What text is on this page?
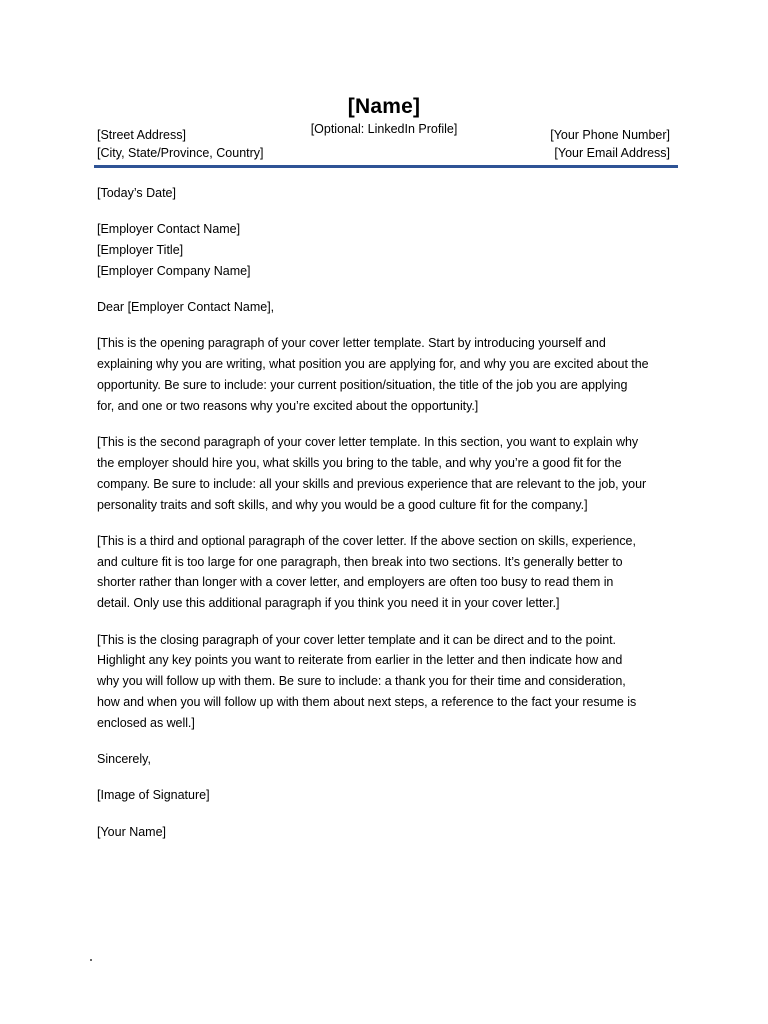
[Name]
[Optional: LinkedIn Profile]
[Street Address]
[City, State/Province, Country]
[Your Phone Number]
[Your Email Address]

[Today’s Date]

[Employer Contact Name]

[Employer Title]

[Employer Company Name]

Dear [Employer Contact Name],

[This is the opening paragraph of your cover letter template. Start by introducing yourself and
explaining why you are writing, what position you are applying for, and why you are excited about the
opportunity. Be sure to include: your current position/situation, the title of the job you are applying
for, and one or two reasons why you’re excited about the opportunity.]

[This is the second paragraph of your cover letter template. In this section, you want to explain why
the employer should hire you, what skills you bring to the table, and why you’re a good fit for the
company. Be sure to include: all your skills and previous experience that are relevant to the job, your
personality traits and soft skills, and why you would be a good culture fit for the company.]

[This is a third and optional paragraph of the cover letter. If the above section on skills, experience,
and culture fit is too large for one paragraph, then break into two sections. It’s generally better to
shorter rather than longer with a cover letter, and employers are often too busy to read them in
detail. Only use this additional paragraph if you think you need it in your cover letter.]

[This is the closing paragraph of your cover letter template and it can be direct and to the point.
Highlight any key points you want to reiterate from earlier in the letter and then indicate how and
why you will follow up with them. Be sure to include: a thank you for their time and consideration,
how and when you will follow up with them about next steps, a reference to the fact your resume is
enclosed as well.]

Sincerely,

[Image of Signature]

[Your Name]
